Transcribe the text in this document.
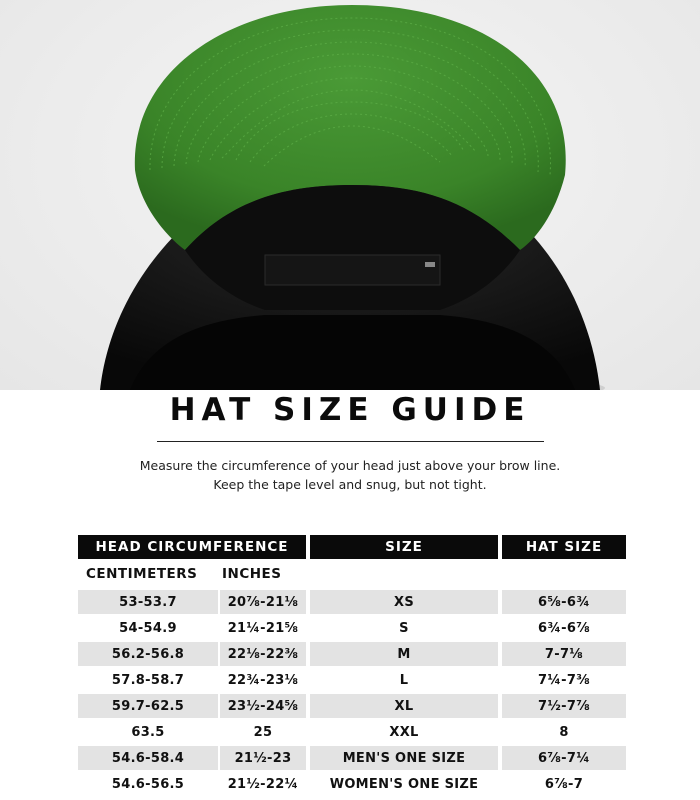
HAT SIZE GUIDE
Measure the circumference of your head just above your brow line.
Keep the tape level and snug, but not tight.
HEAD CIRCUMFERENCE	SIZE	HAT SIZE
CENTIMETERS INCHES
53-53.7	20⅞-21⅛	XS	6⅝-6¾
54-54.9	21¼-21⅝	S	6¾-6⅞
56.2-56.8	22⅛-22⅜	M	7-7⅛
57.8-58.7	22¾-23⅛	L	7¼-7⅜
59.7-62.5	23½-24⅝	XL	7½-7⅞
63.5	25	XXL	8
54.6-58.4	21½-23	MEN'S ONE SIZE	6⅞-7¼
54.6-56.5	21½-22¼	WOMEN'S ONE SIZE	6⅞-7
